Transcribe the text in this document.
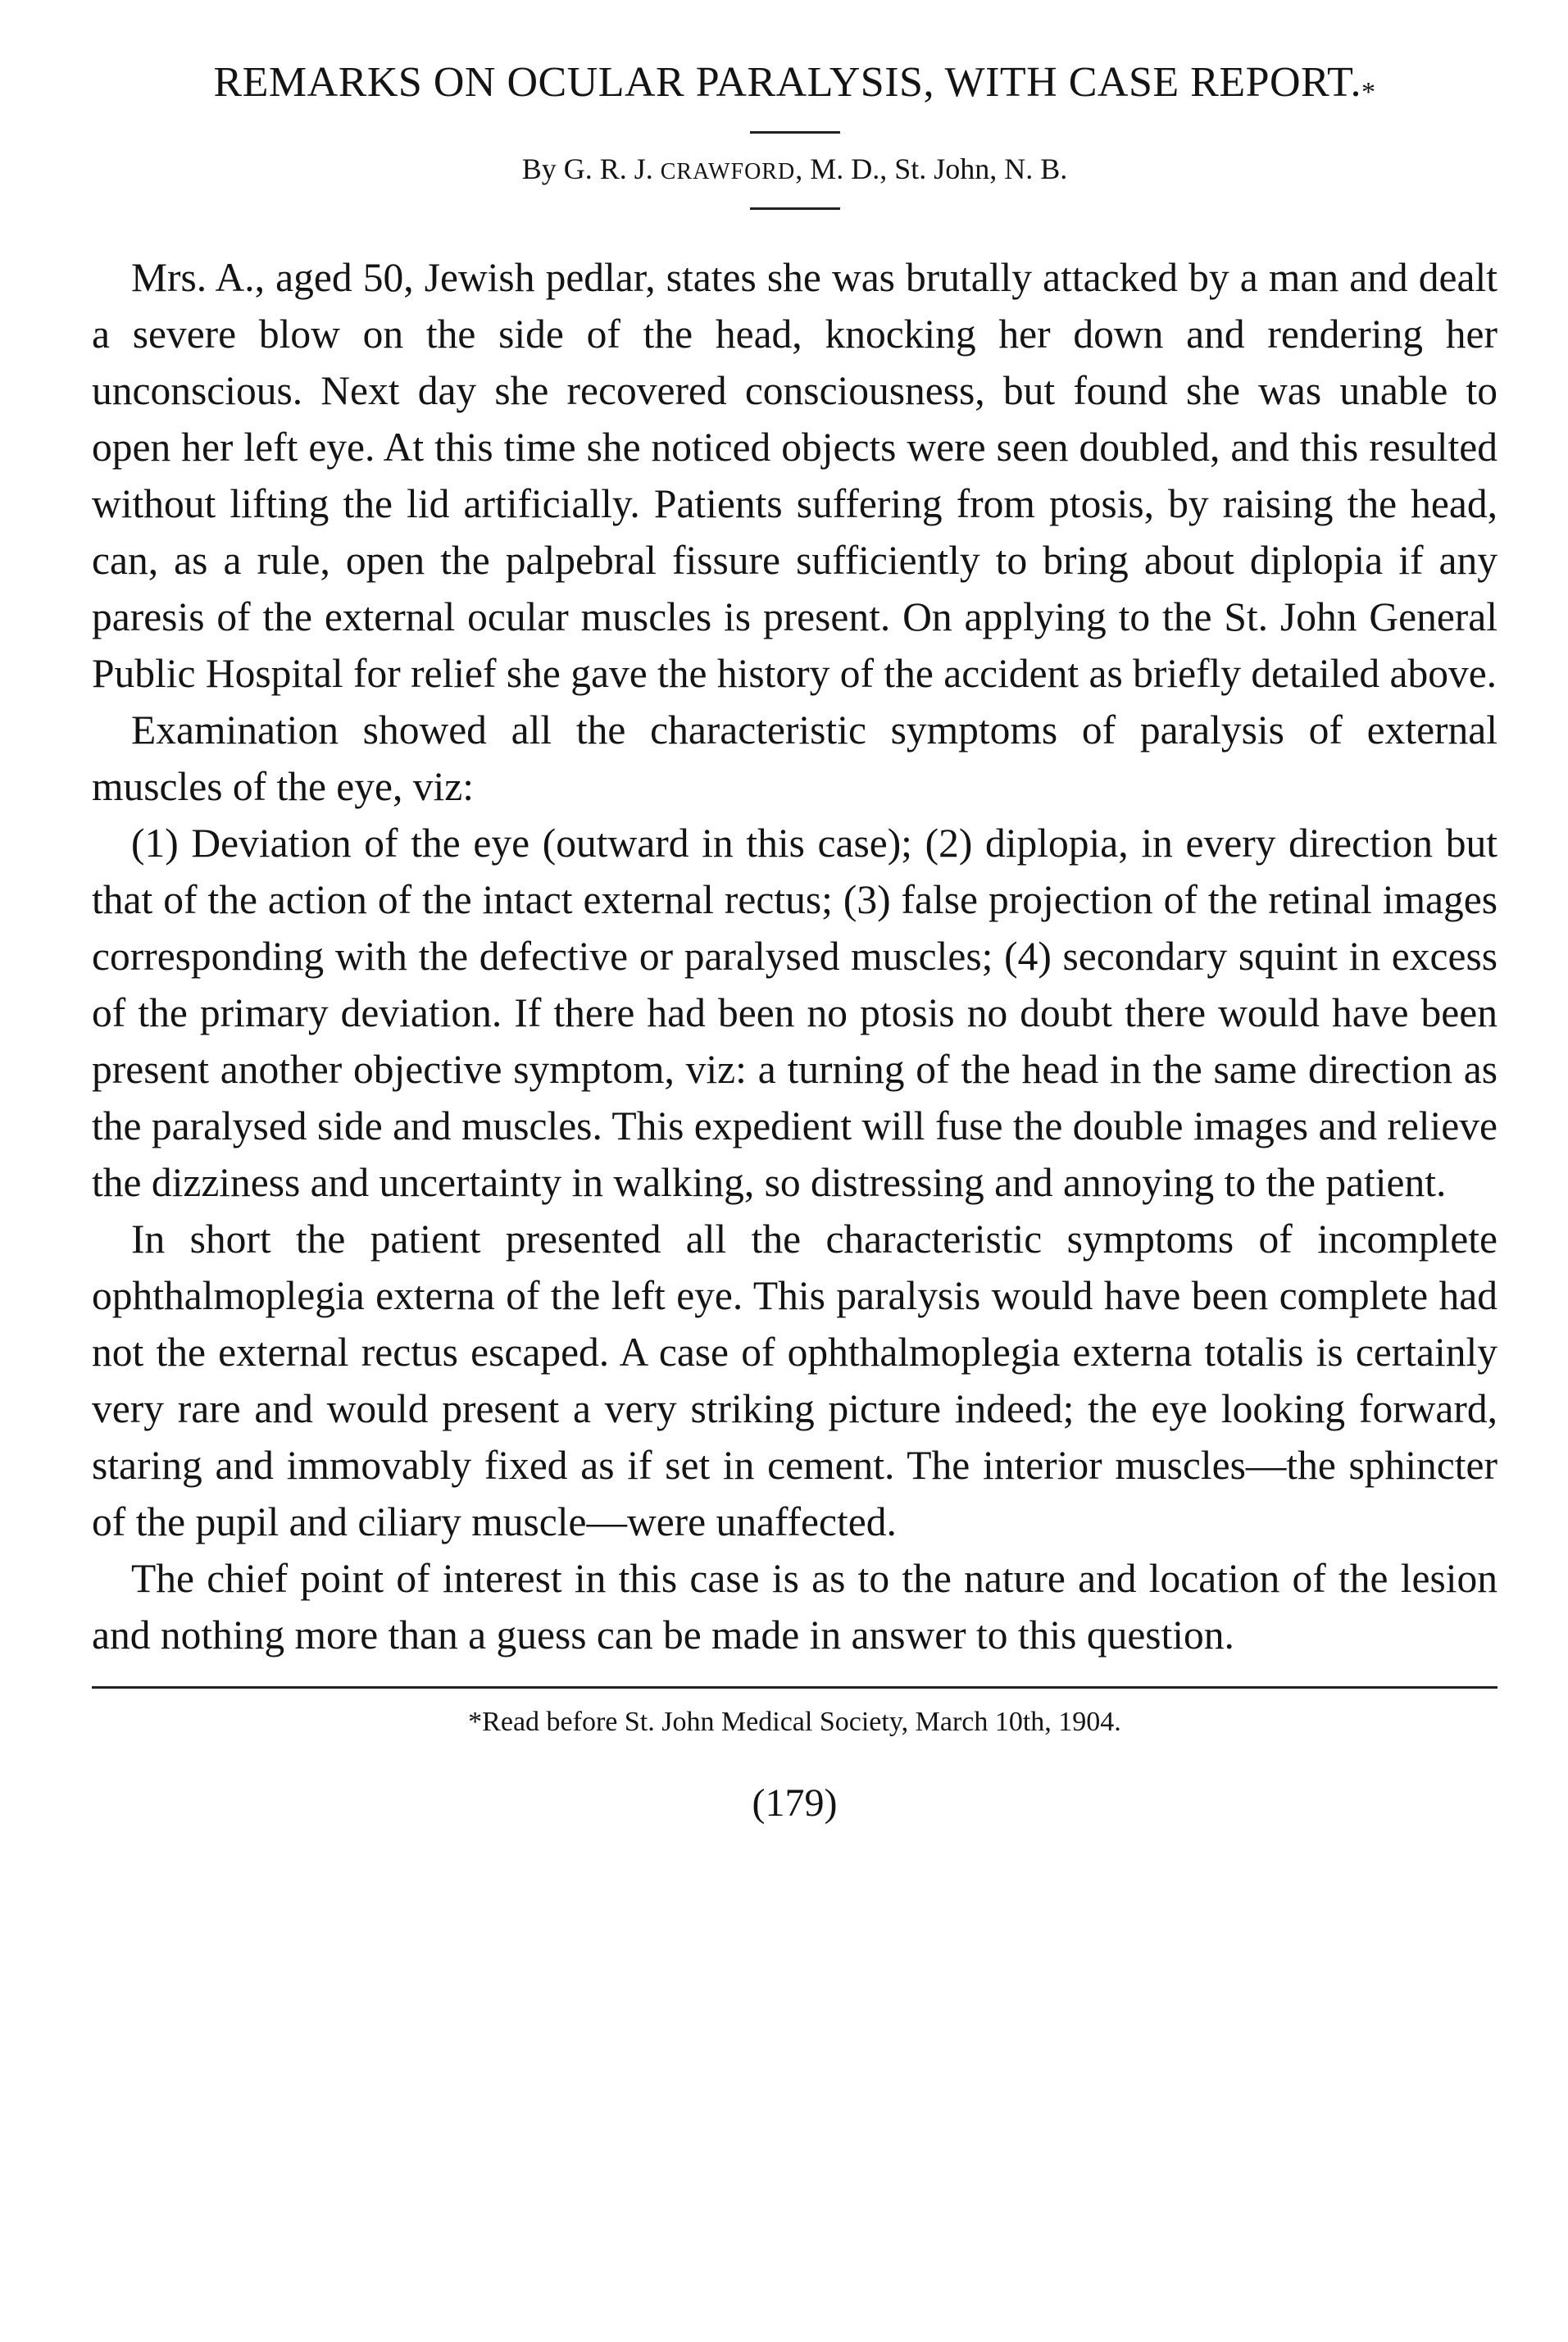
REMARKS ON OCULAR PARALYSIS, WITH CASE REPORT.*

By G. R. J. CRAWFORD, M. D., St. John, N. B.

Mrs. A., aged 50, Jewish pedlar, states she was brutally attacked by a man and dealt a severe blow on the side of the head, knocking her down and rendering her unconscious. Next day she recovered consciousness, but found she was unable to open her left eye. At this time she noticed objects were seen doubled, and this resulted without lifting the lid artificially. Patients suffering from ptosis, by raising the head, can, as a rule, open the palpebral fissure sufficiently to bring about diplopia if any paresis of the external ocular muscles is present. On applying to the St. John General Public Hospital for relief she gave the history of the accident as briefly detailed above.

Examination showed all the characteristic symptoms of paralysis of external muscles of the eye, viz:

(1) Deviation of the eye (outward in this case); (2) diplopia, in every direction but that of the action of the intact external rectus; (3) false projection of the retinal images corresponding with the defective or paralysed muscles; (4) secondary squint in excess of the primary deviation. If there had been no ptosis no doubt there would have been present another objective symptom, viz: a turning of the head in the same direction as the paralysed side and muscles. This expedient will fuse the double images and relieve the dizziness and uncertainty in walking, so distressing and annoying to the patient.

In short the patient presented all the characteristic symptoms of incomplete ophthalmoplegia externa of the left eye. This paralysis would have been complete had not the external rectus escaped. A case of ophthalmoplegia externa totalis is certainly very rare and would present a very striking picture indeed; the eye looking forward, staring and immovably fixed as if set in cement. The interior muscles—the sphincter of the pupil and ciliary muscle—were unaffected.

The chief point of interest in this case is as to the nature and location of the lesion and nothing more than a guess can be made in answer to this question.

*Read before St. John Medical Society, March 10th, 1904.

(179)
